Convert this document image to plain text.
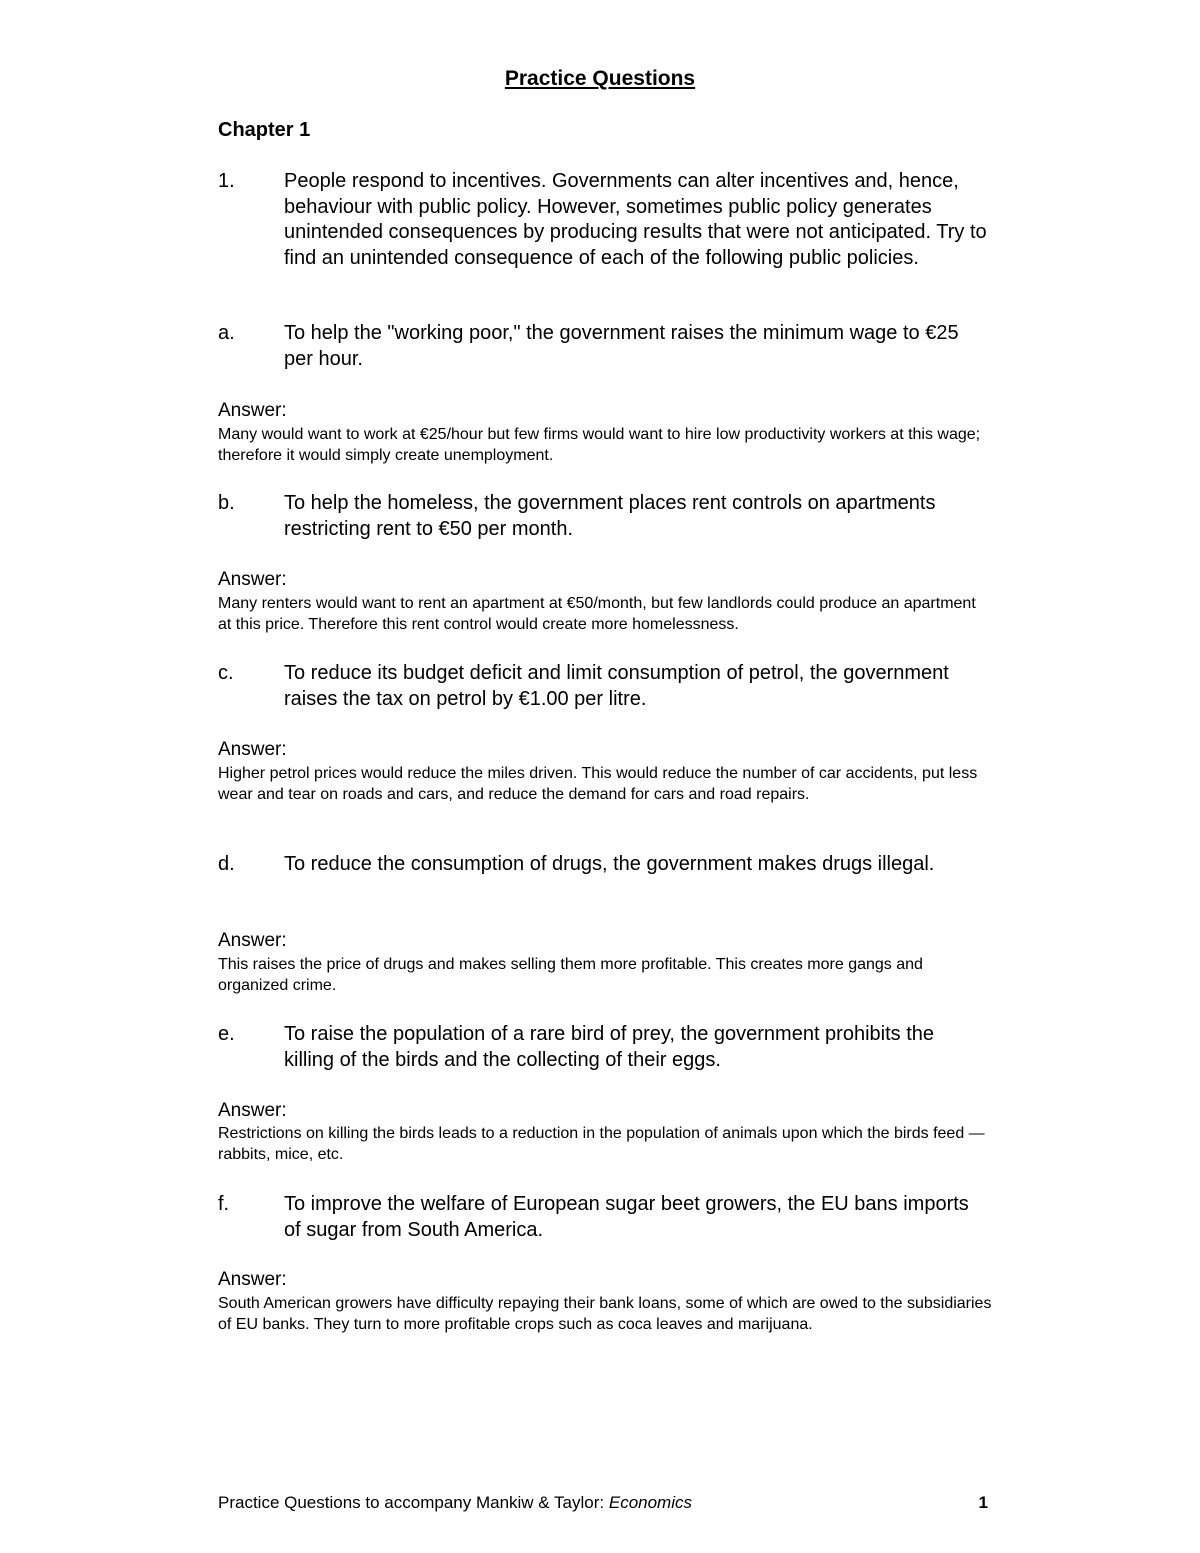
Practice Questions
Chapter 1
1. People respond to incentives. Governments can alter incentives and, hence, behaviour with public policy. However, sometimes public policy generates unintended consequences by producing results that were not anticipated. Try to find an unintended consequence of each of the following public policies.
a. To help the "working poor," the government raises the minimum wage to €25 per hour.
Answer:
Many would want to work at €25/hour but few firms would want to hire low productivity workers at this wage; therefore it would simply create unemployment.
b. To help the homeless, the government places rent controls on apartments restricting rent to €50 per month.
Answer:
Many renters would want to rent an apartment at €50/month, but few landlords could produce an apartment at this price. Therefore this rent control would create more homelessness.
c.	To reduce its budget deficit and limit consumption of petrol, the government raises the tax on petrol by €1.00 per litre.
Answer:
Higher petrol prices would reduce the miles driven. This would reduce the number of car accidents, put less wear and tear on roads and cars, and reduce the demand for cars and road repairs.
d. To reduce the consumption of drugs, the government makes drugs illegal.
Answer:
This raises the price of drugs and makes selling them more profitable. This creates more gangs and organized crime.
e. To raise the population of a rare bird of prey, the government prohibits the killing of the birds and the collecting of their eggs.
Answer:
Restrictions on killing the birds leads to a reduction in the population of animals upon which the birds feed — rabbits, mice, etc.
f.	To improve the welfare of European sugar beet growers, the EU bans imports of sugar from South America.
Answer:
South American growers have difficulty repaying their bank loans, some of which are owed to the subsidiaries of EU banks. They turn to more profitable crops such as coca leaves and marijuana.
Practice Questions to accompany Mankiw & Taylor: Economics	1
